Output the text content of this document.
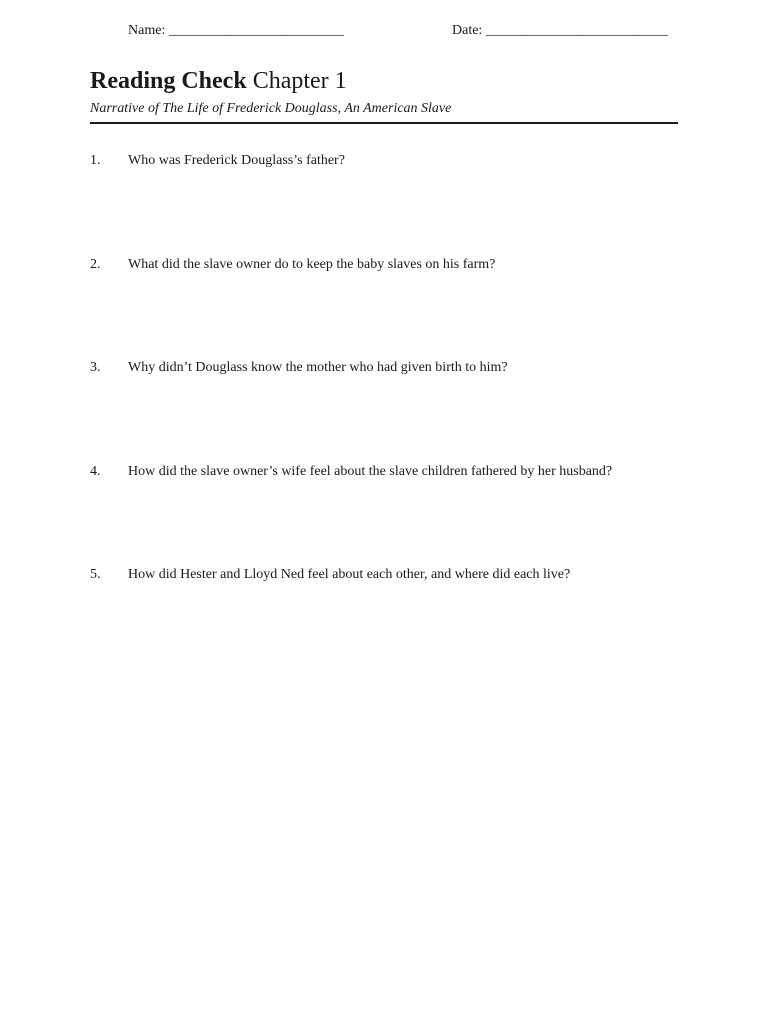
Name: _________________________	Date: __________________________
Reading Check Chapter 1
Narrative of The Life of Frederick Douglass, An American Slave
1. Who was Frederick Douglass’s father?
2. What did the slave owner do to keep the baby slaves on his farm?
3. Why didn’t Douglass know the mother who had given birth to him?
4. How did the slave owner’s wife feel about the slave children fathered by her husband?
5. How did Hester and Lloyd Ned feel about each other, and where did each live?
